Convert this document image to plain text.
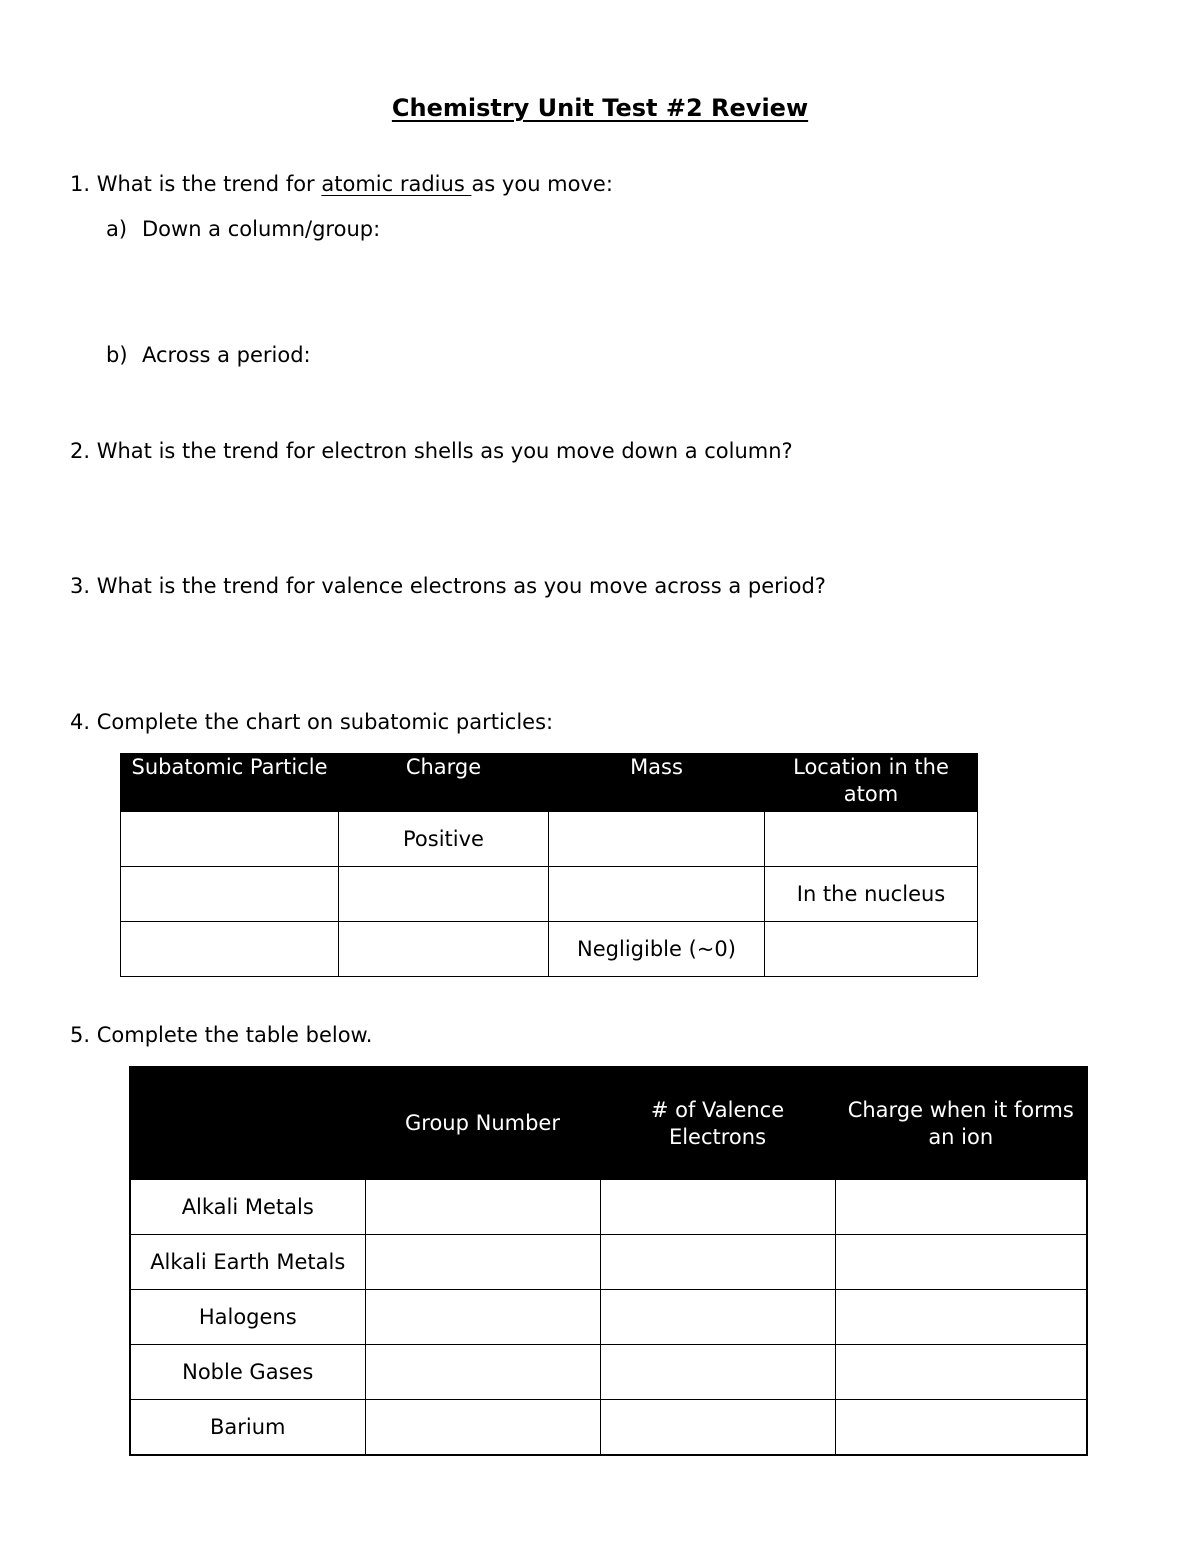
Chemistry Unit Test #2 Review
1. What is the trend for atomic radius as you move:
a) Down a column/group:
b) Across a period:
2. What is the trend for electron shells as you move down a column?
3. What is the trend for valence electrons as you move across a period?
4. Complete the chart on subatomic particles:
Subatomic Particle	Charge	Mass	Location in the atom
	Positive		
			In the nucleus
		Negligible (~0)	
5. Complete the table below.
	Group Number	# of Valence Electrons	Charge when it forms an ion
Alkali Metals			
Alkali Earth Metals			
Halogens			
Noble Gases			
Barium			
